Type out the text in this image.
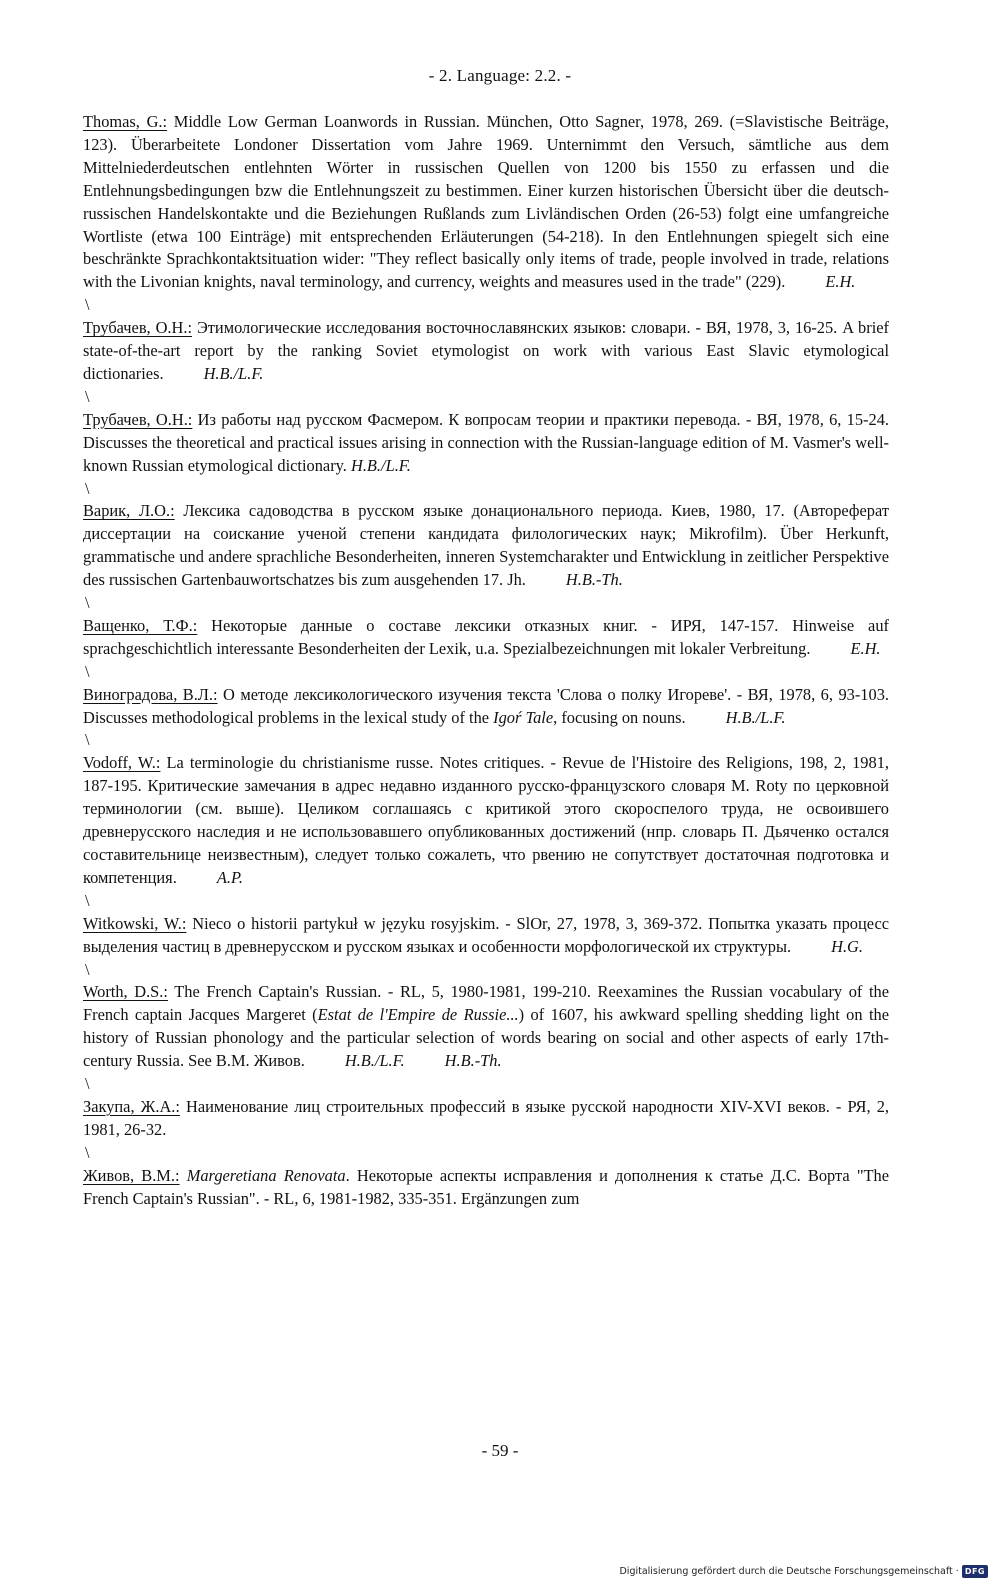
- 2. Language: 2.2. -

Thomas, G.: Middle Low German Loanwords in Russian. München, Otto Sagner, 1978, 269. (=Slavistische Beiträge, 123). Überarbeitete Londoner Dissertation vom Jahre 1969. Unternimmt den Versuch, sämtliche aus dem Mittelniederdeutschen entlehnten Wörter in russischen Quellen von 1200 bis 1550 zu erfassen und die Entlehnungsbedingungen bzw die Entlehnungszeit zu bestimmen. Einer kurzen historischen Übersicht über die deutsch-russischen Handelskontakte und die Beziehungen Rußlands zum Livländischen Orden (26-53) folgt eine umfangreiche Wortliste (etwa 100 Einträge) mit entsprechenden Erläuterungen (54-218). In den Entlehnungen spiegelt sich eine beschränkte Sprachkontaktsituation wider: "They reflect basically only items of trade, people involved in trade, relations with the Livonian knights, naval terminology, and currency, weights and measures used in the trade" (229). E.H.

\

Трубачев, О.Н.: Этимологические исследования восточнославянских языков: словари. - ВЯ, 1978, 3, 16-25. A brief state-of-the-art report by the ranking Soviet etymologist on work with various East Slavic etymological dictionaries. H.B./L.F.

\

Трубачев, О.Н.: Из работы над русском Фасмером. К вопросам теории и практики перевода. - ВЯ, 1978, 6, 15-24. Discusses the theoretical and practical issues arising in connection with the Russian-language edition of M. Vasmer's well-known Russian etymological dictionary. H.B./L.F.

\

Варик, Л.О.: Лексика садоводства в русском языке донационального периода. Киев, 1980, 17. (Автореферат диссертации на соискание ученой степени кандидата филологических наук; Mikrofilm). Über Herkunft, grammatische und andere sprachliche Besonderheiten, inneren Systemcharakter und Entwicklung in zeitlicher Perspektive des russischen Gartenbauwortschatzes bis zum ausgehenden 17. Jh. H.B.-Th.

\

Ващенко, Т.Ф.: Некоторые данные о составе лексики отказных книг. - ИРЯ, 147-157. Hinweise auf sprachgeschichtlich interessante Besonderheiten der Lexik, u.a. Spezialbezeichnungen mit lokaler Verbreitung. E.H.

\

Виноградова, В.Л.: О методе лексикологического изучения текста 'Слова о полку Игореве'. - ВЯ, 1978, 6, 93-103. Discusses methodological problems in the lexical study of the Igoŕ Tale, focusing on nouns. H.B./L.F.

\

Vodoff, W.: La terminologie du christianisme russe. Notes critiques. - Revue de l'Histoire des Religions, 198, 2, 1981, 187-195. Критические замечания в адрес недавно изданного русско-французского словаря M. Roty по церковной терминологии (см. выше). Целиком соглашаясь с критикой этого скороспелого труда, не освоившего древнерусского наследия и не использовавшего опубликованных достижений (нпр. словарь П. Дьяченко остался составительнице неизвестным), следует только сожалеть, что рвению не сопутствует достаточная подготовка и компетенция. A.P.

\

Witkowski, W.: Nieco o historii partykuł w języku rosyjskim. - SlOr, 27, 1978, 3, 369-372. Попытка указать процесс выделения частиц в древнерусском и русском языках и особенности морфологической их структуры. H.G.

\

Worth, D.S.: The French Captain's Russian. - RL, 5, 1980-1981, 199-210. Reexamines the Russian vocabulary of the French captain Jacques Margeret (Estat de l'Empire de Russie...) of 1607, his awkward spelling shedding light on the history of Russian phonology and the particular selection of words bearing on social and other aspects of early 17th-century Russia. See B.M. Живов. H.B./L.F. H.B.-Th.

\

Закупа, Ж.А.: Наименование лиц строительных профессий в языке русской народности XIV-XVI веков. - РЯ, 2, 1981, 26-32.

\

Живов, В.М.: Margeretiana Renovata. Некоторые аспекты исправления и дополнения к статье Д.С. Ворта "The French Captain's Russian". - RL, 6, 1981-1982, 335-351. Ergänzungen zum

- 59 -
Digitalisierung gefördert durch die Deutsche Forschungsgemeinschaft · DFG
